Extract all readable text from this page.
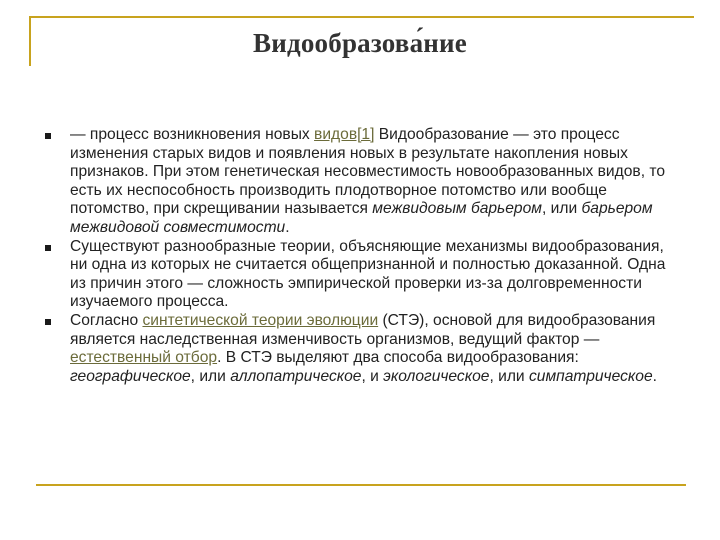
Видообразова́ние
— процесс возникновения новых видов[1] Видообразование — это процесс изменения старых видов и появления новых в результате накопления новых признаков. При этом генетическая несовместимость новообразованных видов, то есть их неспособность производить плодотворное потомство или вообще потомство, при скрещивании называется межвидовым барьером, или барьером межвидовой совместимости.
Существуют разнообразные теории, объясняющие механизмы видообразования, ни одна из которых не считается общепризнанной и полностью доказанной. Одна из причин этого — сложность эмпирической проверки из-за долговременности изучаемого процесса.
Согласно синтетической теории эволюции (СТЭ), основой для видообразования является наследственная изменчивость организмов, ведущий фактор — естественный отбор. В СТЭ выделяют два способа видообразования: географическое, или аллопатрическое, и экологическое, или симпатрическое.
